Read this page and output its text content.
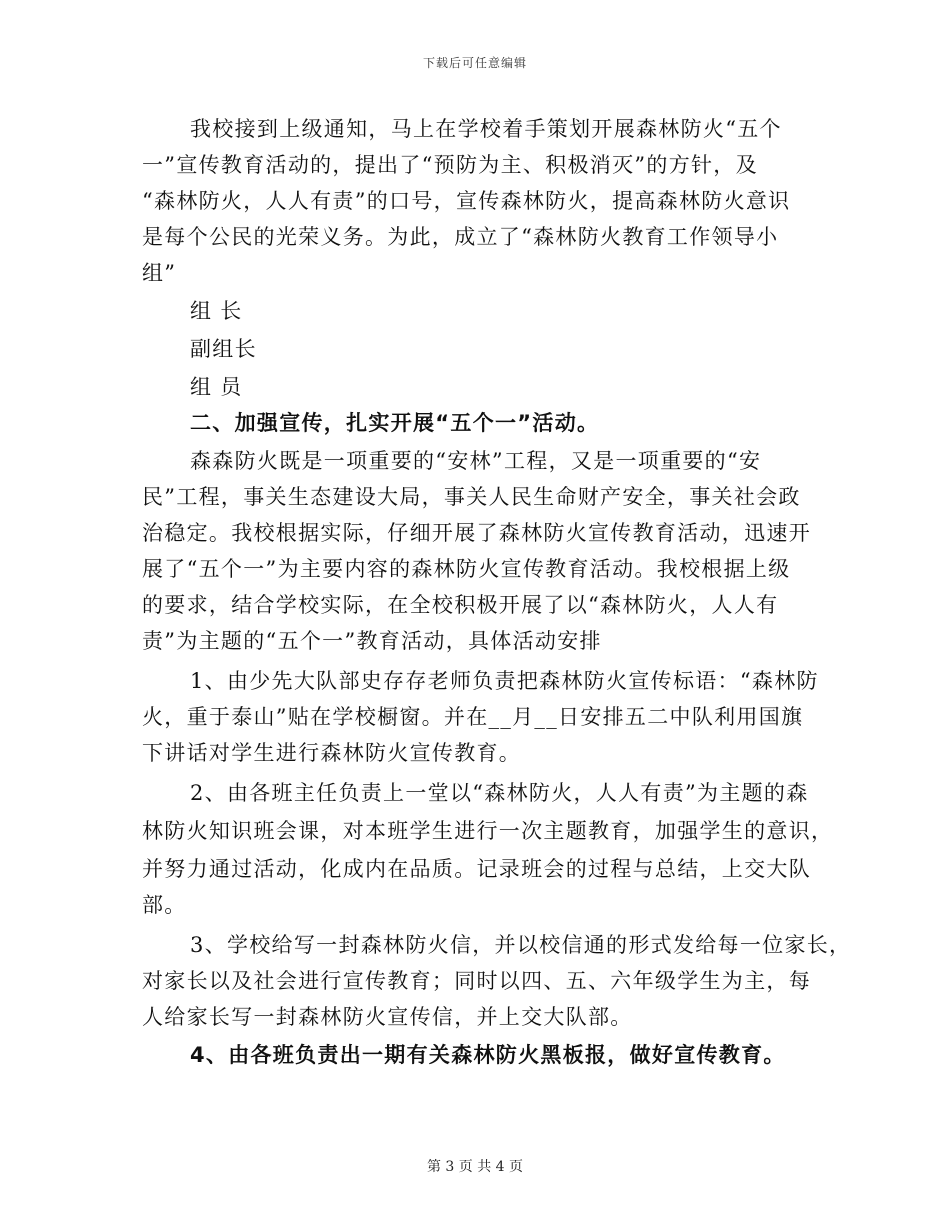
下载后可任意编辑
我校接到上级通知，马上在学校着手策划开展森林防火“五个
一”宣传教育活动的，提出了“预防为主、积极消灭”的方针，及
“森林防火，人人有责”的口号，宣传森林防火，提高森林防火意识
是每个公民的光荣义务。为此，成立了“森林防火教育工作领导小
组”
组 长
副组长
组 员
二、加强宣传，扎实开展“五个一”活动。
森森防火既是一项重要的“安林”工程，又是一项重要的“安
民”工程，事关生态建设大局，事关人民生命财产安全，事关社会政
治稳定。我校根据实际，仔细开展了森林防火宣传教育活动，迅速开
展了“五个一”为主要内容的森林防火宣传教育活动。我校根据上级
的要求，结合学校实际，在全校积极开展了以“森林防火，人人有
责”为主题的“五个一”教育活动，具体活动安排
1、由少先大队部史存存老师负责把森林防火宣传标语：“森林防
火，重于泰山”贴在学校橱窗。并在__月__日安排五二中队利用国旗
下讲话对学生进行森林防火宣传教育。
2、由各班主任负责上一堂以“森林防火，人人有责”为主题的森
林防火知识班会课，对本班学生进行一次主题教育，加强学生的意识，
并努力通过活动，化成内在品质。记录班会的过程与总结，上交大队
部。
3、学校给写一封森林防火信，并以校信通的形式发给每一位家长，
对家长以及社会进行宣传教育；同时以四、五、六年级学生为主，每
人给家长写一封森林防火宣传信，并上交大队部。
4、由各班负责出一期有关森林防火黑板报，做好宣传教育。
第 3 页 共 4 页
